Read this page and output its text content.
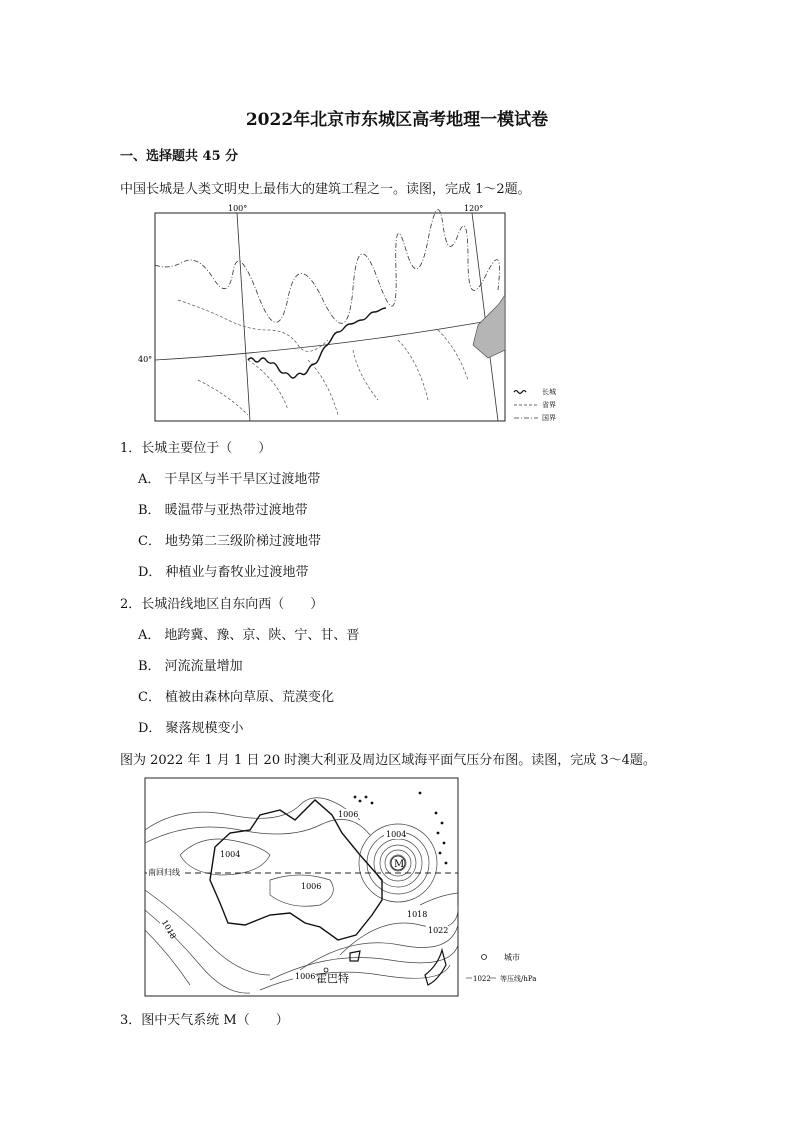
2022年北京市东城区高考地理一模试卷
一、选择题共 45 分
中国长城是人类文明史上最伟大的建筑工程之一。读图，完成 1～2题。
100°	120°
40°
长城
省界
国界
1．长城主要位于（　　）
A． 干旱区与半干旱区过渡地带
B． 暖温带与亚热带过渡地带
C． 地势第二三级阶梯过渡地带
D． 种植业与畜牧业过渡地带
2．长城沿线地区自东向西（　　）
A． 地跨冀、豫、京、陕、宁、甘、晋
B． 河流流量增加
C． 植被由森林向草原、荒漠变化
D． 聚落规模变小
图为 2022 年 1 月 1 日 20 时澳大利亚及周边区域海平面气压分布图。读图，完成 3～4题。
南回归线
1006
1004
1006
1004
1018
1018	1022
1006
M
霍巴特
城市
1022 等压线/hPa
3．图中天气系统 M（　　）
